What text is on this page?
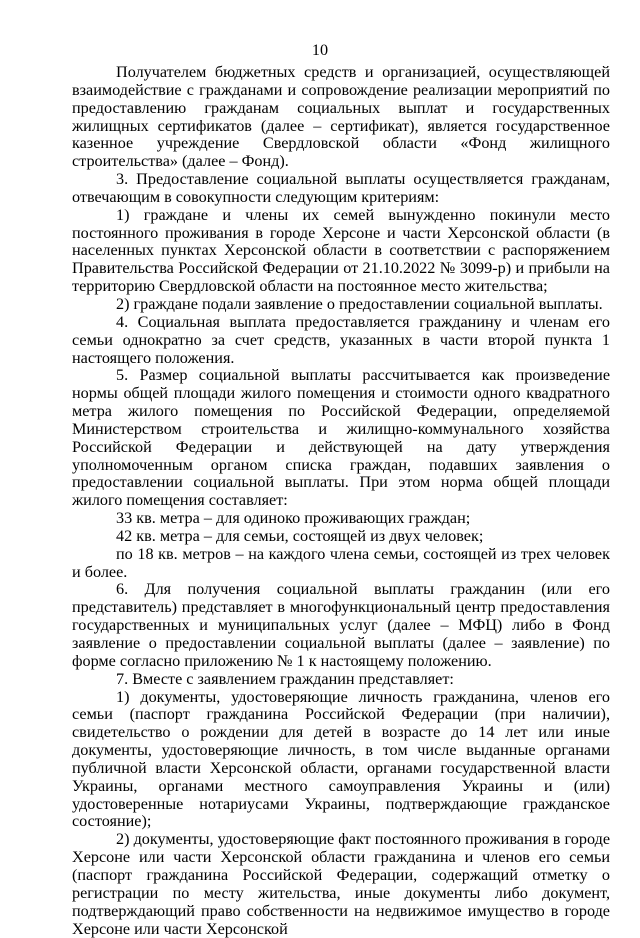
10

Получателем бюджетных средств и организацией, осуществляющей взаимодействие с гражданами и сопровождение реализации мероприятий по предоставлению гражданам социальных выплат и государственных жилищных сертификатов (далее – сертификат), является государственное казенное учреждение Свердловской области «Фонд жилищного строительства» (далее – Фонд).

3. Предоставление социальной выплаты осуществляется гражданам, отвечающим в совокупности следующим критериям:

1) граждане и члены их семей вынужденно покинули место постоянного проживания в городе Херсоне и части Херсонской области (в населенных пунктах Херсонской области в соответствии с распоряжением Правительства Российской Федерации от 21.10.2022 № 3099-р) и прибыли на территорию Свердловской области на постоянное место жительства;

2) граждане подали заявление о предоставлении социальной выплаты.

4. Социальная выплата предоставляется гражданину и членам его семьи однократно за счет средств, указанных в части второй пункта 1 настоящего положения.

5. Размер социальной выплаты рассчитывается как произведение нормы общей площади жилого помещения и стоимости одного квадратного метра жилого помещения по Российской Федерации, определяемой Министерством строительства и жилищно-коммунального хозяйства Российской Федерации и действующей на дату утверждения уполномоченным органом списка граждан, подавших заявления о предоставлении социальной выплаты. При этом норма общей площади жилого помещения составляет:

33 кв. метра – для одиноко проживающих граждан;

42 кв. метра – для семьи, состоящей из двух человек;

по 18 кв. метров – на каждого члена семьи, состоящей из трех человек и более.

6. Для получения социальной выплаты гражданин (или его представитель) представляет в многофункциональный центр предоставления государственных и муниципальных услуг (далее – МФЦ) либо в Фонд заявление о предоставлении социальной выплаты (далее – заявление) по форме согласно приложению № 1 к настоящему положению.

7. Вместе с заявлением гражданин представляет:

1) документы, удостоверяющие личность гражданина, членов его семьи (паспорт гражданина Российской Федерации (при наличии), свидетельство о рождении для детей в возрасте до 14 лет или иные документы, удостоверяющие личность, в том числе выданные органами публичной власти Херсонской области, органами государственной власти Украины, органами местного самоуправления Украины и (или) удостоверенные нотариусами Украины, подтверждающие гражданское состояние);

2) документы, удостоверяющие факт постоянного проживания в городе Херсоне или части Херсонской области гражданина и членов его семьи (паспорт гражданина Российской Федерации, содержащий отметку о регистрации по месту жительства, иные документы либо документ, подтверждающий право собственности на недвижимое имущество в городе Херсоне или части Херсонской
